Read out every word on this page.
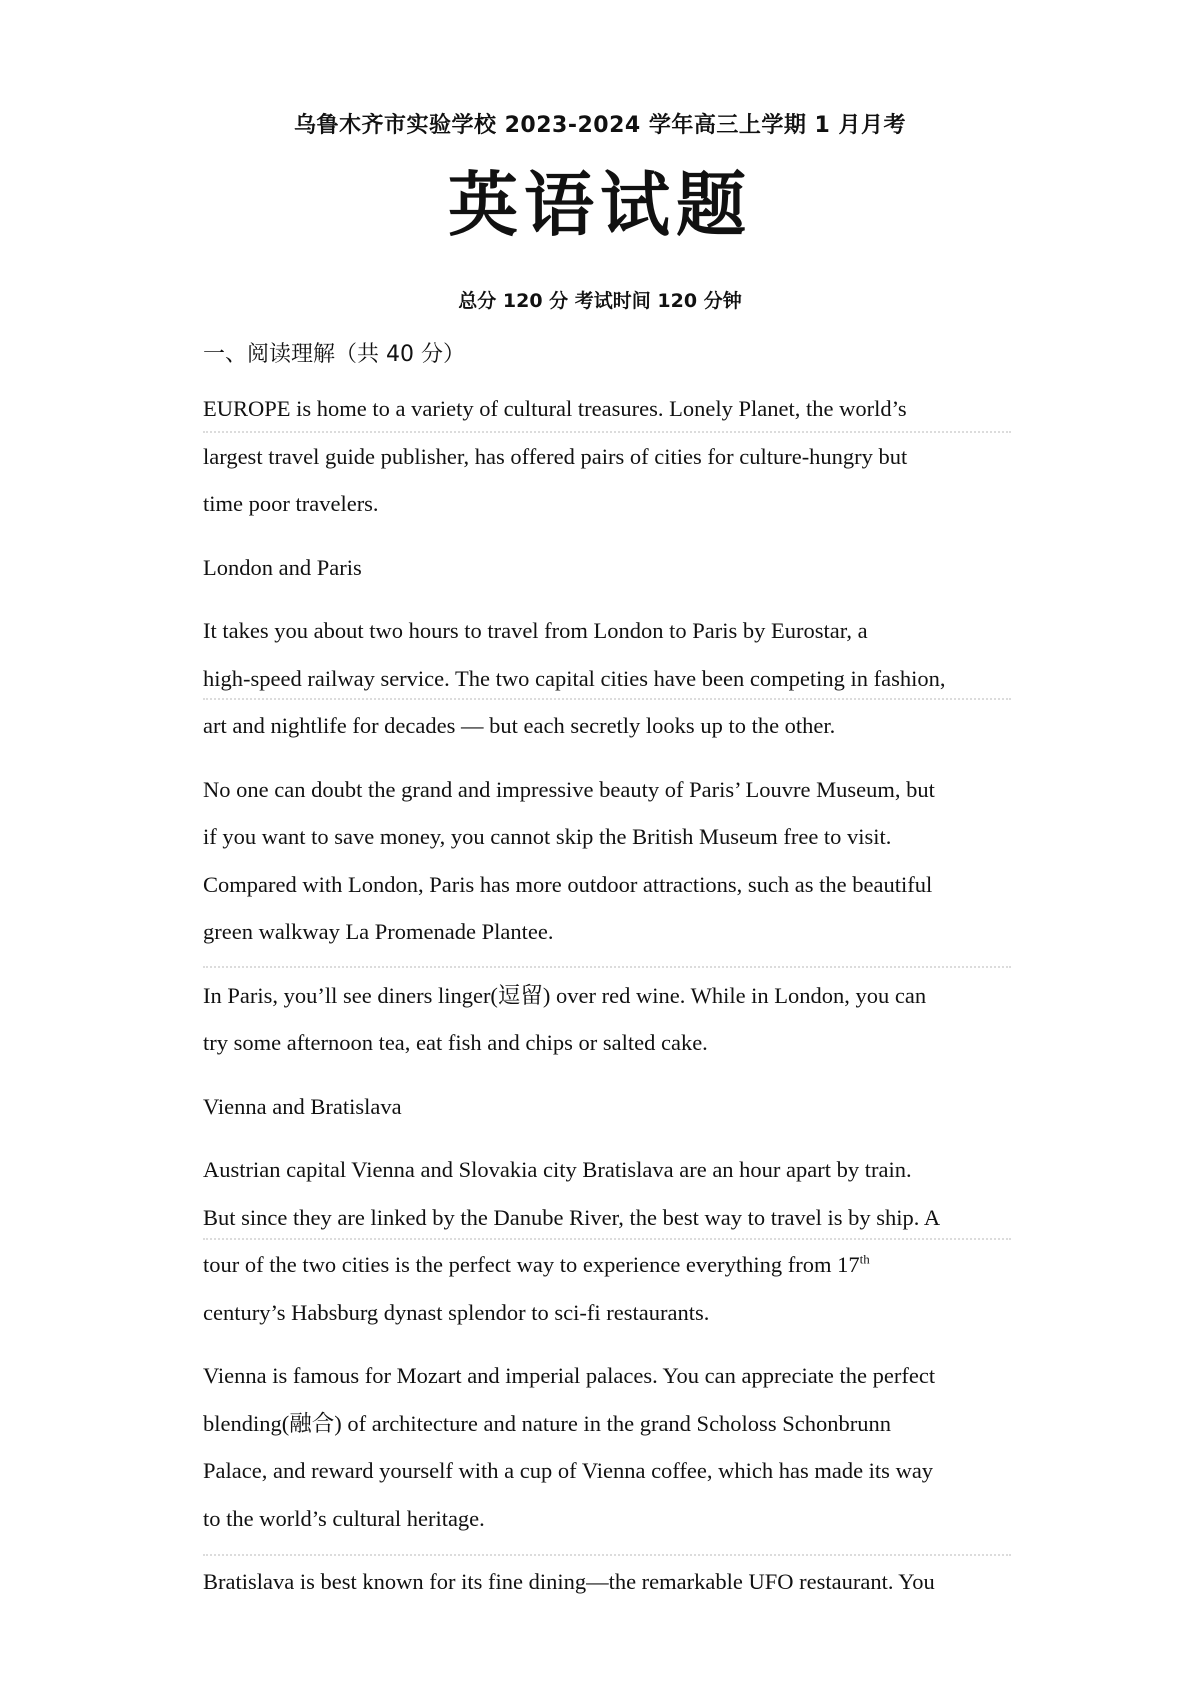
乌鲁木齐市实验学校 2023-2024 学年高三上学期 1 月月考
英语试题
总分 120 分 考试时间 120 分钟
一、阅读理解（共 40 分）

EUROPE is home to a variety of cultural treasures. Lonely Planet, the world’s
largest travel guide publisher, has offered pairs of cities for culture-hungry but
time poor travelers.

London and Paris

It takes you about two hours to travel from London to Paris by Eurostar, a
high-speed railway service. The two capital cities have been competing in fashion,
art and nightlife for decades — but each secretly looks up to the other.

No one can doubt the grand and impressive beauty of Paris’ Louvre Museum, but
if you want to save money, you cannot skip the British Museum free to visit.
Compared with London, Paris has more outdoor attractions, such as the beautiful
green walkway La Promenade Plantee.

In Paris, you’ll see diners linger(逗留) over red wine. While in London, you can
try some afternoon tea, eat fish and chips or salted cake.

Vienna and Bratislava

Austrian capital Vienna and Slovakia city Bratislava are an hour apart by train.
But since they are linked by the Danube River, the best way to travel is by ship. A
tour of the two cities is the perfect way to experience everything from 17th
century’s Habsburg dynast splendor to sci-fi restaurants.

Vienna is famous for Mozart and imperial palaces. You can appreciate the perfect
blending(融合) of architecture and nature in the grand Scholoss Schonbrunn
Palace, and reward yourself with a cup of Vienna coffee, which has made its way
to the world’s cultural heritage.

Bratislava is best known for its fine dining—the remarkable UFO restaurant. You
